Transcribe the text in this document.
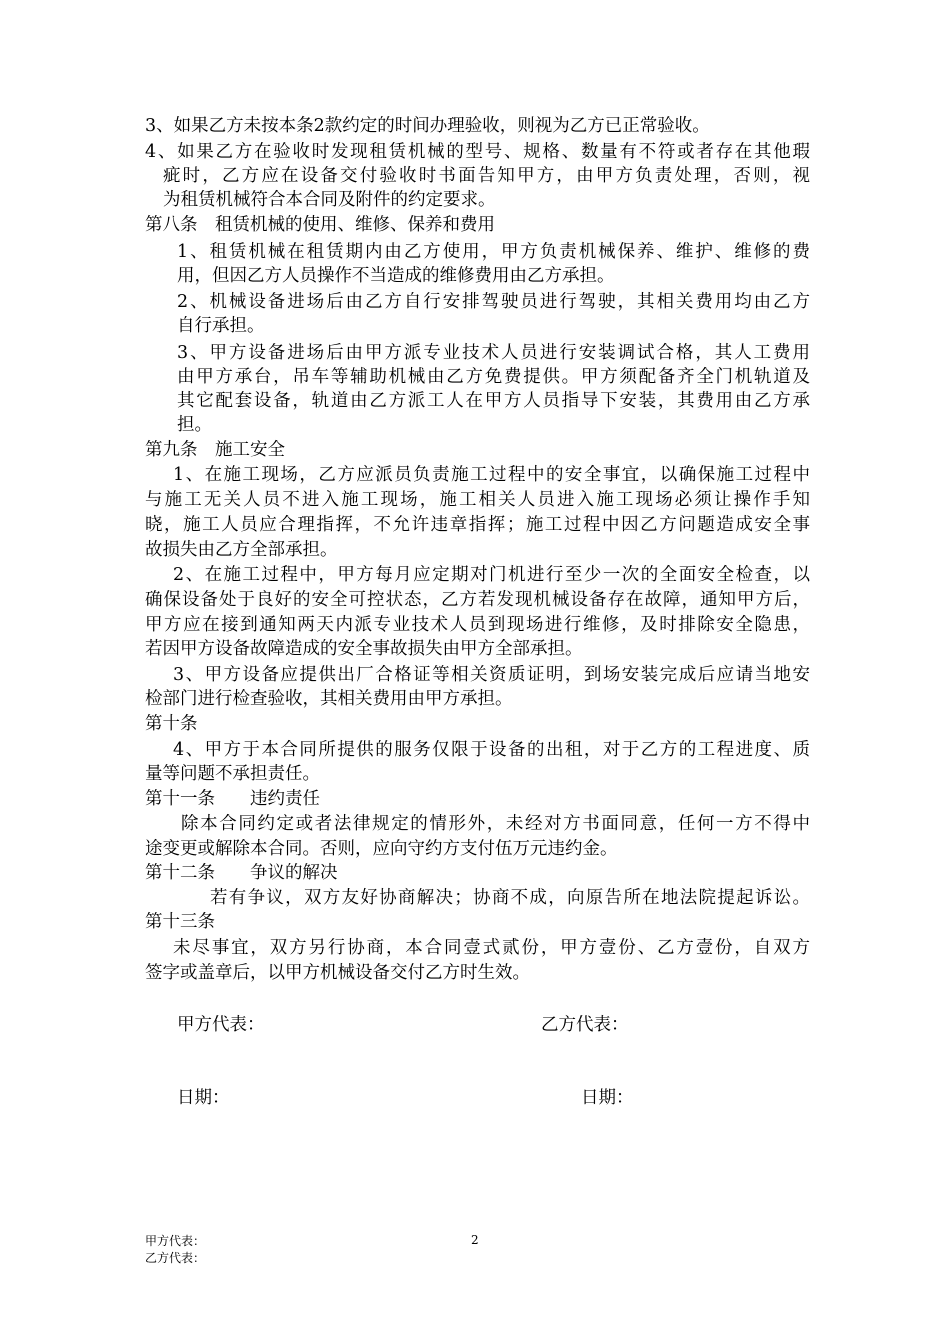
3、如果乙方未按本条2款约定的时间办理验收，则视为乙方已正常验收。
4、如果乙方在验收时发现租赁机械的型号、规格、数量有不符或者存在其他瑕
疵时，乙方应在设备交付验收时书面告知甲方，由甲方负责处理，否则，视
为租赁机械符合本合同及附件的约定要求。
第八条　租赁机械的使用、维修、保养和费用
1、租赁机械在租赁期内由乙方使用，甲方负责机械保养、维护、维修的费
用，但因乙方人员操作不当造成的维修费用由乙方承担。
2、机械设备进场后由乙方自行安排驾驶员进行驾驶，其相关费用均由乙方
自行承担。
3、甲方设备进场后由甲方派专业技术人员进行安装调试合格，其人工费用
由甲方承台，吊车等辅助机械由乙方免费提供。甲方须配备齐全门机轨道及
其它配套设备，轨道由乙方派工人在甲方人员指导下安装，其费用由乙方承
担。
第九条　施工安全
1、在施工现场，乙方应派员负责施工过程中的安全事宜，以确保施工过程中
与施工无关人员不进入施工现场，施工相关人员进入施工现场必须让操作手知
晓，施工人员应合理指挥，不允许违章指挥；施工过程中因乙方问题造成安全事
故损失由乙方全部承担。
2、在施工过程中，甲方每月应定期对门机进行至少一次的全面安全检查，以
确保设备处于良好的安全可控状态，乙方若发现机械设备存在故障，通知甲方后，
甲方应在接到通知两天内派专业技术人员到现场进行维修，及时排除安全隐患，
若因甲方设备故障造成的安全事故损失由甲方全部承担。
3、甲方设备应提供出厂合格证等相关资质证明，到场安装完成后应请当地安
检部门进行检查验收，其相关费用由甲方承担。
第十条
4、甲方于本合同所提供的服务仅限于设备的出租，对于乙方的工程进度、质
量等问题不承担责任。
第十一条　　违约责任
除本合同约定或者法律规定的情形外，未经对方书面同意，任何一方不得中
途变更或解除本合同。否则，应向守约方支付伍万元违约金。
第十二条　　争议的解决
若有争议，双方友好协商解决；协商不成，向原告所在地法院提起诉讼。
第十三条
未尽事宜，双方另行协商，本合同壹式贰份，甲方壹份、乙方壹份，自双方
签字或盖章后，以甲方机械设备交付乙方时生效。
甲方代表：	乙方代表：
日期：	日期：
甲方代表：	2
乙方代表：
